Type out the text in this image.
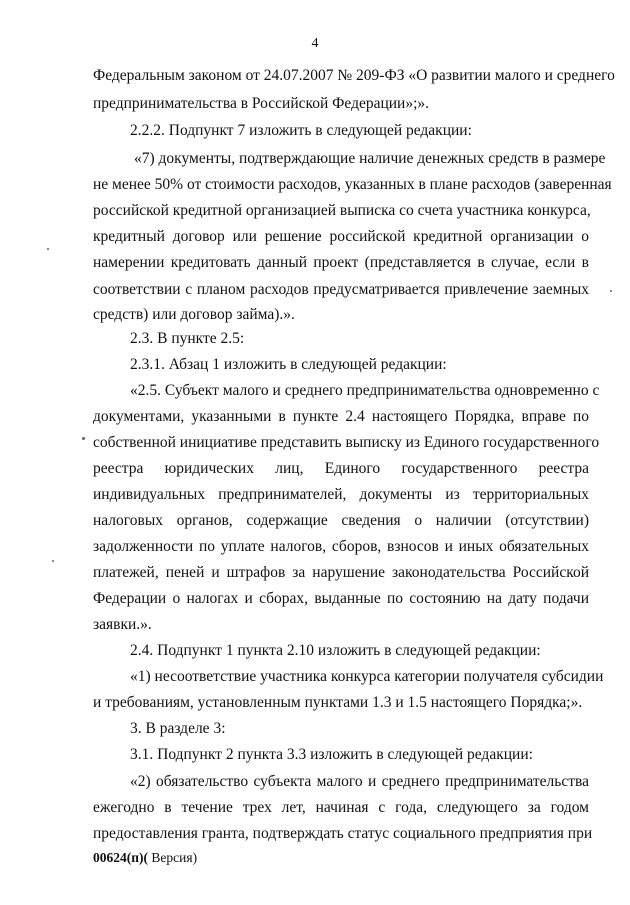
4
Федеральным законом от 24.07.2007 № 209-ФЗ «О развитии малого и среднего
предпринимательства в Российской Федерации»;».
2.2.2. Подпункт 7 изложить в следующей редакции:
«7) документы, подтверждающие наличие денежных средств в размере
не менее 50% от стоимости расходов, указанных в плане расходов (заверенная
российской кредитной организацией выписка со счета участника конкурса,
кредитный договор или решение российской кредитной организации о
намерении кредитовать данный проект (представляется в случае, если в
соответствии с планом расходов предусматривается привлечение заемных
средств) или договор займа).».
2.3. В пункте 2.5:
2.3.1. Абзац 1 изложить в следующей редакции:
«2.5. Субъект малого и среднего предпринимательства одновременно с
документами, указанными в пункте 2.4 настоящего Порядка, вправе по
собственной инициативе представить выписку из Единого государственного
реестра юридических лиц, Единого государственного реестра
индивидуальных предпринимателей, документы из территориальных
налоговых органов, содержащие сведения о наличии (отсутствии)
задолженности по уплате налогов, сборов, взносов и иных обязательных
платежей, пеней и штрафов за нарушение законодательства Российской
Федерации о налогах и сборах, выданные по состоянию на дату подачи
заявки.».
2.4. Подпункт 1 пункта 2.10 изложить в следующей редакции:
«1) несоответствие участника конкурса категории получателя субсидии
и требованиям, установленным пунктами 1.3 и 1.5 настоящего Порядка;».
3. В разделе 3:
3.1. Подпункт 2 пункта 3.3 изложить в следующей редакции:
«2) обязательство субъекта малого и среднего предпринимательства
ежегодно в течение трех лет, начиная с года, следующего за годом
предоставления гранта, подтверждать статус социального предприятия при
00624(п)( Версия)
